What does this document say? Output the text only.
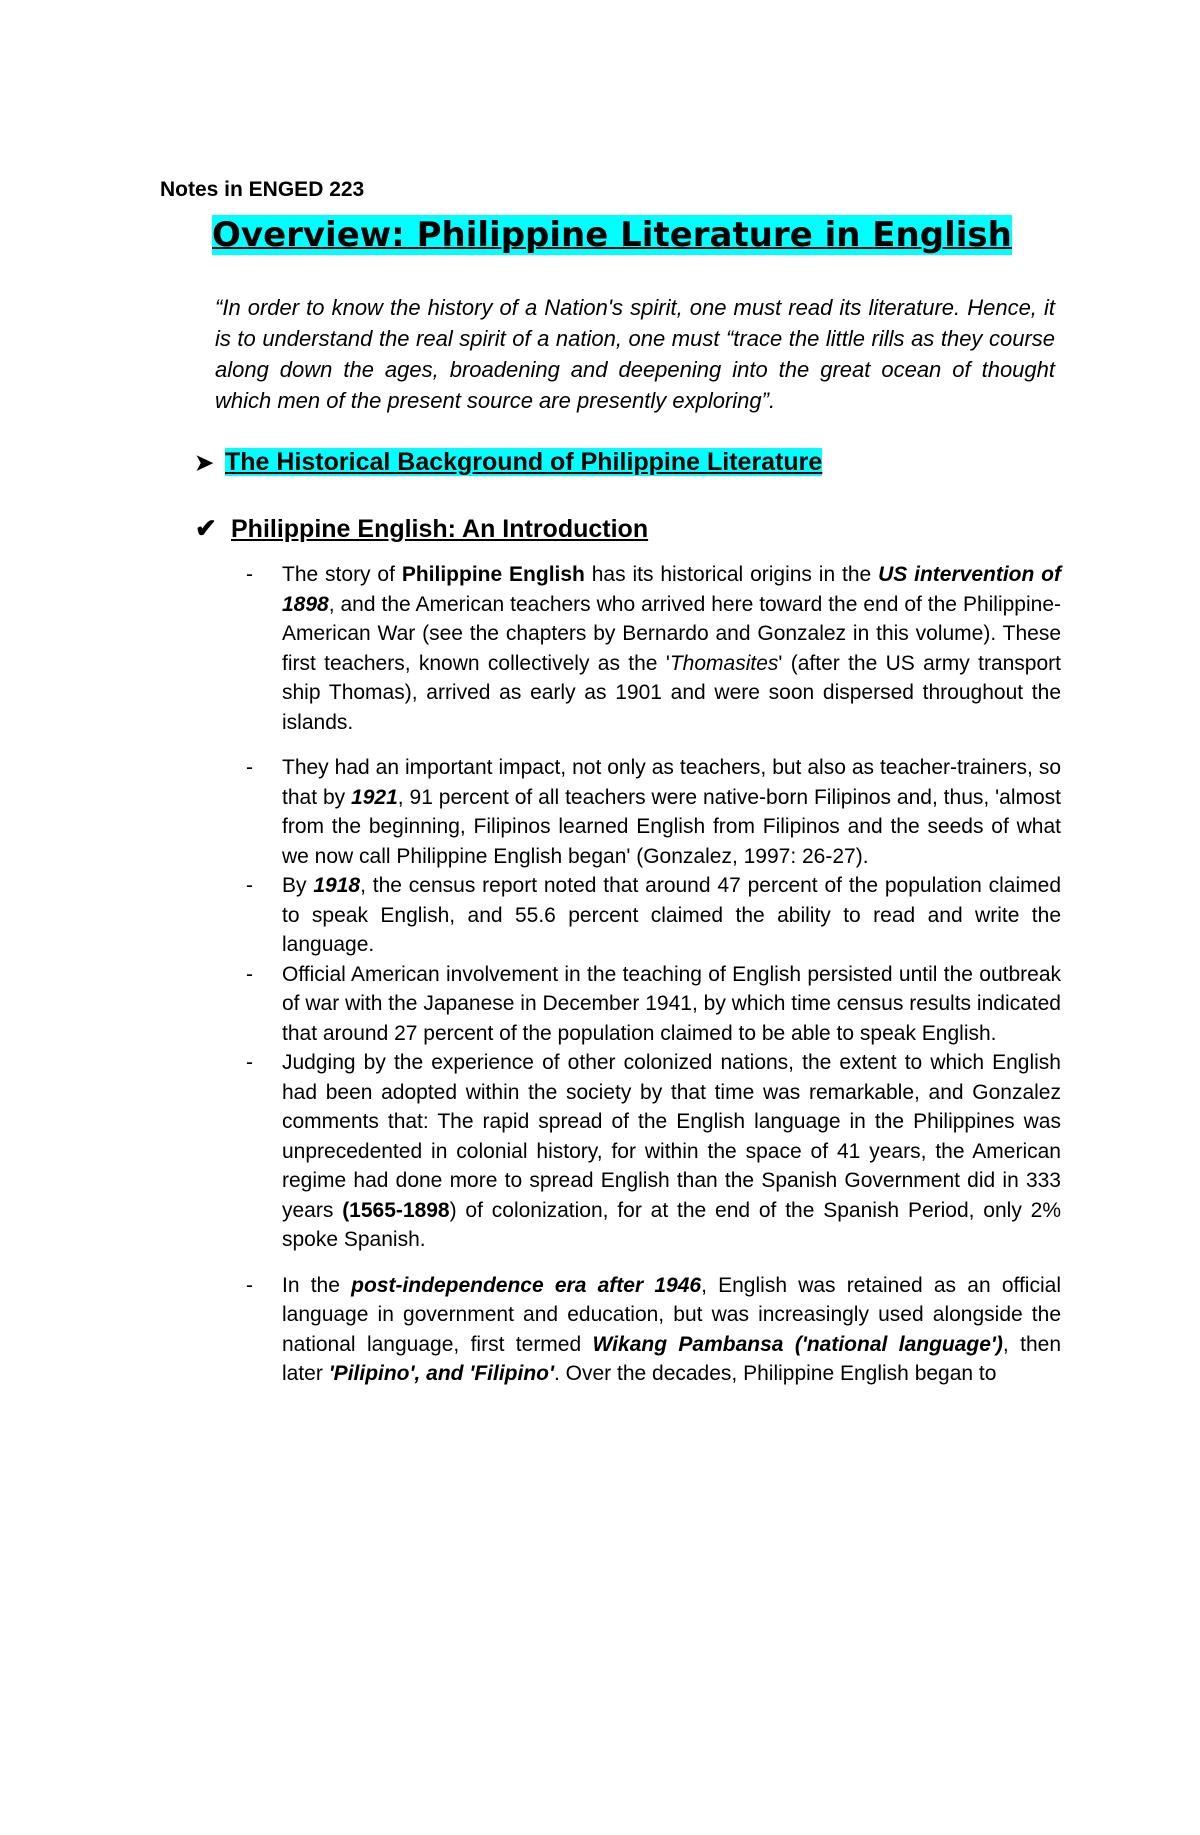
Notes in ENGED 223
Overview: Philippine Literature in English

“In order to know the history of a Nation's spirit, one must read its literature. Hence, it is to understand the real spirit of a nation, one must “trace the little rills as they course along down the ages, broadening and deepening into the great ocean of thought which men of the present source are presently exploring”.

➤ The Historical Background of Philippine Literature
✔ Philippine English: An Introduction
- The story of Philippine English has its historical origins in the US intervention of 1898, and the American teachers who arrived here toward the end of the Philippine-American War (see the chapters by Bernardo and Gonzalez in this volume). These first teachers, known collectively as the 'Thomasites' (after the US army transport ship Thomas), arrived as early as 1901 and were soon dispersed throughout the islands.
- They had an important impact, not only as teachers, but also as teacher-trainers, so that by 1921, 91 percent of all teachers were native-born Filipinos and, thus, 'almost from the beginning, Filipinos learned English from Filipinos and the seeds of what we now call Philippine English began' (Gonzalez, 1997: 26-27).
- By 1918, the census report noted that around 47 percent of the population claimed to speak English, and 55.6 percent claimed the ability to read and write the language.
- Official American involvement in the teaching of English persisted until the outbreak of war with the Japanese in December 1941, by which time census results indicated that around 27 percent of the population claimed to be able to speak English.
- Judging by the experience of other colonized nations, the extent to which English had been adopted within the society by that time was remarkable, and Gonzalez comments that: The rapid spread of the English language in the Philippines was unprecedented in colonial history, for within the space of 41 years, the American regime had done more to spread English than the Spanish Government did in 333 years (1565-1898) of colonization, for at the end of the Spanish Period, only 2% spoke Spanish.
- In the post-independence era after 1946, English was retained as an official language in government and education, but was increasingly used alongside the national language, first termed Wikang Pambansa ('national language'), then later 'Pilipino', and 'Filipino'. Over the decades, Philippine English began to
